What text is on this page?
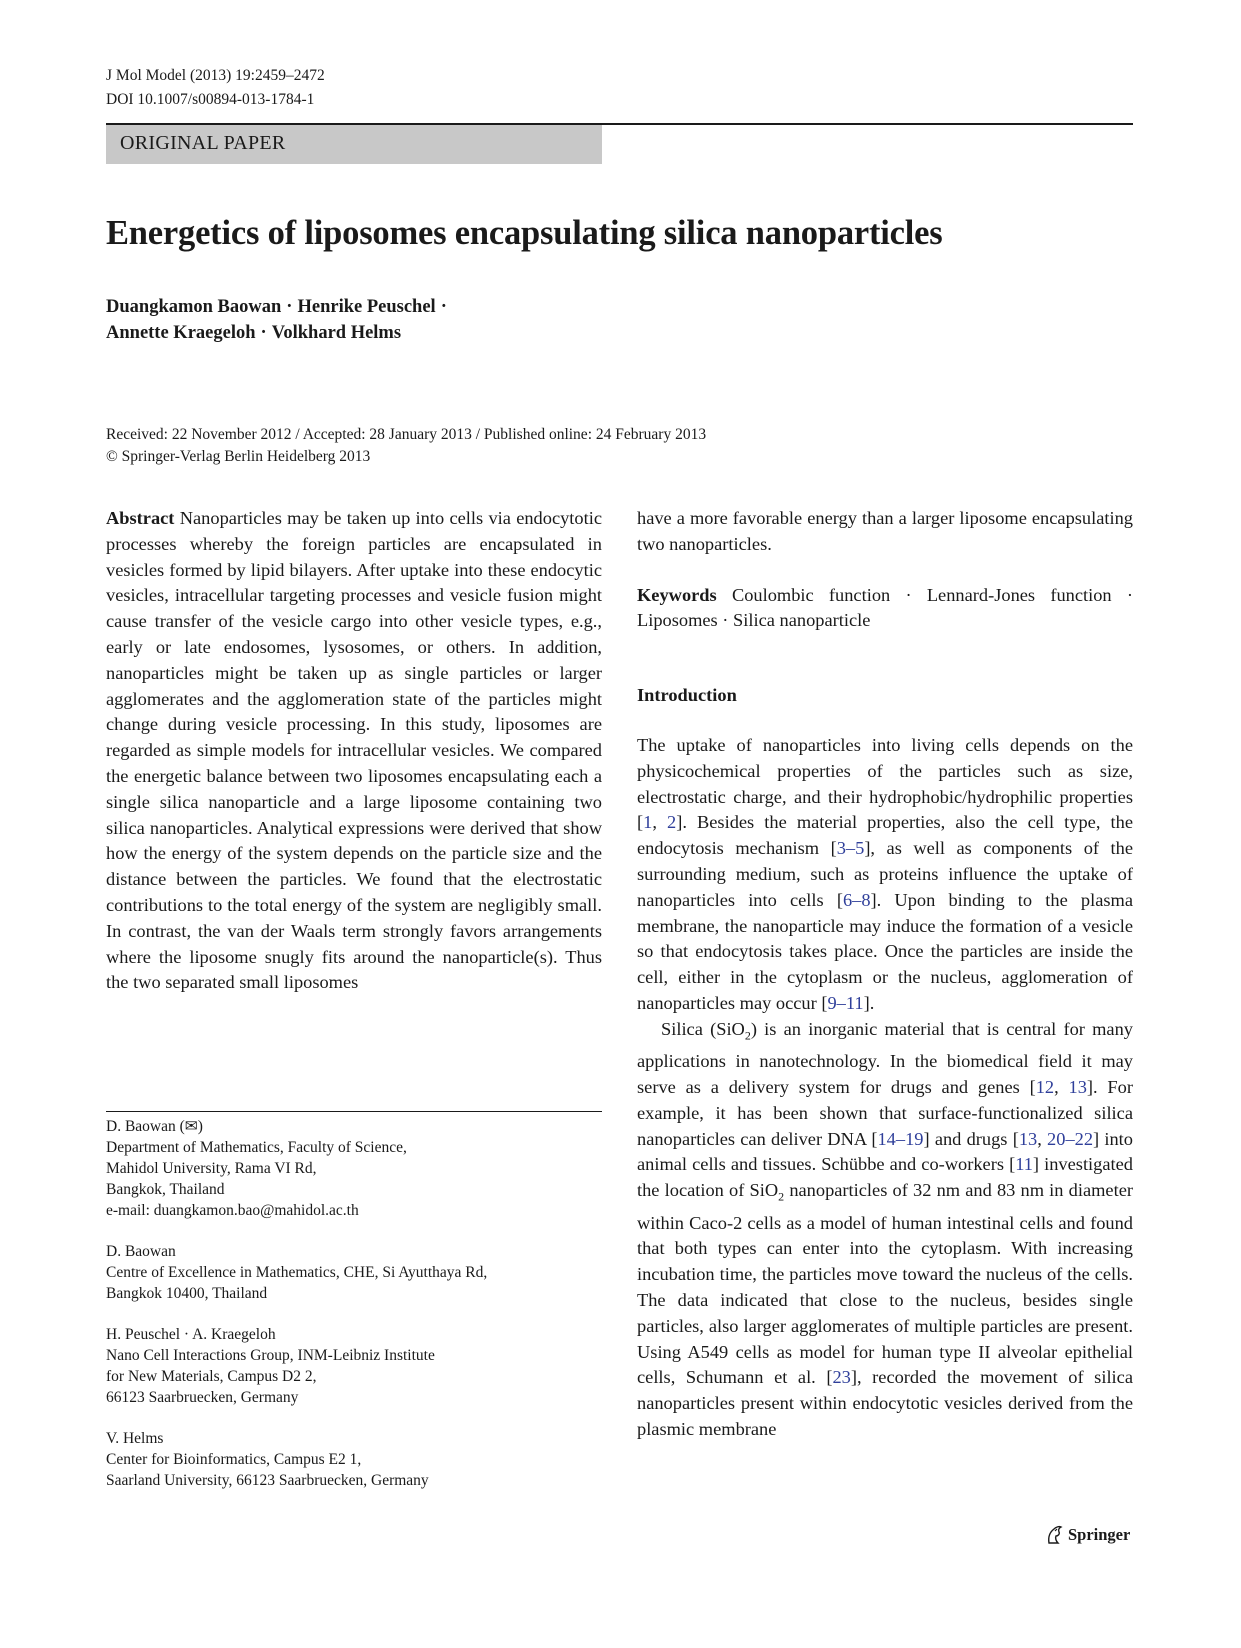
J Mol Model (2013) 19:2459–2472
DOI 10.1007/s00894-013-1784-1
ORIGINAL PAPER
Energetics of liposomes encapsulating silica nanoparticles
Duangkamon Baowan · Henrike Peuschel ·
Annette Kraegeloh · Volkhard Helms
Received: 22 November 2012 / Accepted: 28 January 2013 / Published online: 24 February 2013
© Springer-Verlag Berlin Heidelberg 2013

Abstract Nanoparticles may be taken up into cells via endocytotic processes whereby the foreign particles are encapsulated in vesicles formed by lipid bilayers. After uptake into these endocytic vesicles, intracellular targeting processes and vesicle fusion might cause transfer of the vesicle cargo into other vesicle types, e.g., early or late endosomes, lysosomes, or others. In addition, nanoparticles might be taken up as single particles or larger agglomerates and the agglomeration state of the particles might change during vesicle processing. In this study, liposomes are regarded as simple models for intracellular vesicles. We compared the energetic balance between two liposomes encapsulating each a single silica nanoparticle and a large liposome containing two silica nanoparticles. Analytical expressions were derived that show how the energy of the system depends on the particle size and the distance between the particles. We found that the electrostatic contributions to the total energy of the system are negligibly small. In contrast, the van der Waals term strongly favors arrangements where the liposome snugly fits around the nanoparticle(s). Thus the two separated small liposomes

have a more favorable energy than a larger liposome encapsulating two nanoparticles.

Keywords Coulombic function · Lennard-Jones function · Liposomes · Silica nanoparticle

Introduction

The uptake of nanoparticles into living cells depends on the physicochemical properties of the particles such as size, electrostatic charge, and their hydrophobic/hydrophilic properties [1, 2]. Besides the material properties, also the cell type, the endocytosis mechanism [3–5], as well as components of the surrounding medium, such as proteins influence the uptake of nanoparticles into cells [6–8]. Upon binding to the plasma membrane, the nanoparticle may induce the formation of a vesicle so that endocytosis takes place. Once the particles are inside the cell, either in the cytoplasm or the nucleus, agglomeration of nanoparticles may occur [9–11].

Silica (SiO$_2$) is an inorganic material that is central for many applications in nanotechnology. In the biomedical field it may serve as a delivery system for drugs and genes [12, 13]. For example, it has been shown that surface-functionalized silica nanoparticles can deliver DNA [14–19] and drugs [13, 20–22] into animal cells and tissues. Schübbe and co-workers [11] investigated the location of SiO$_2$ nanoparticles of 32 nm and 83 nm in diameter within Caco-2 cells as a model of human intestinal cells and found that both types can enter into the cytoplasm. With increasing incubation time, the particles move toward the nucleus of the cells. The data indicated that close to the nucleus, besides single particles, also larger agglomerates of multiple particles are present. Using A549 cells as model for human type II alveolar epithelial cells, Schumann et al. [23], recorded the movement of silica nanoparticles present within endocytotic vesicles derived from the plasmic membrane

D. Baowan (✉)
Department of Mathematics, Faculty of Science,
Mahidol University, Rama VI Rd,
Bangkok, Thailand
e-mail: duangkamon.bao@mahidol.ac.th
D. Baowan
Centre of Excellence in Mathematics, CHE, Si Ayutthaya Rd,
Bangkok 10400, Thailand
H. Peuschel · A. Kraegeloh
Nano Cell Interactions Group, INM-Leibniz Institute
for New Materials, Campus D2 2,
66123 Saarbruecken, Germany
V. Helms
Center for Bioinformatics, Campus E2 1,
Saarland University, 66123 Saarbruecken, Germany
Springer
